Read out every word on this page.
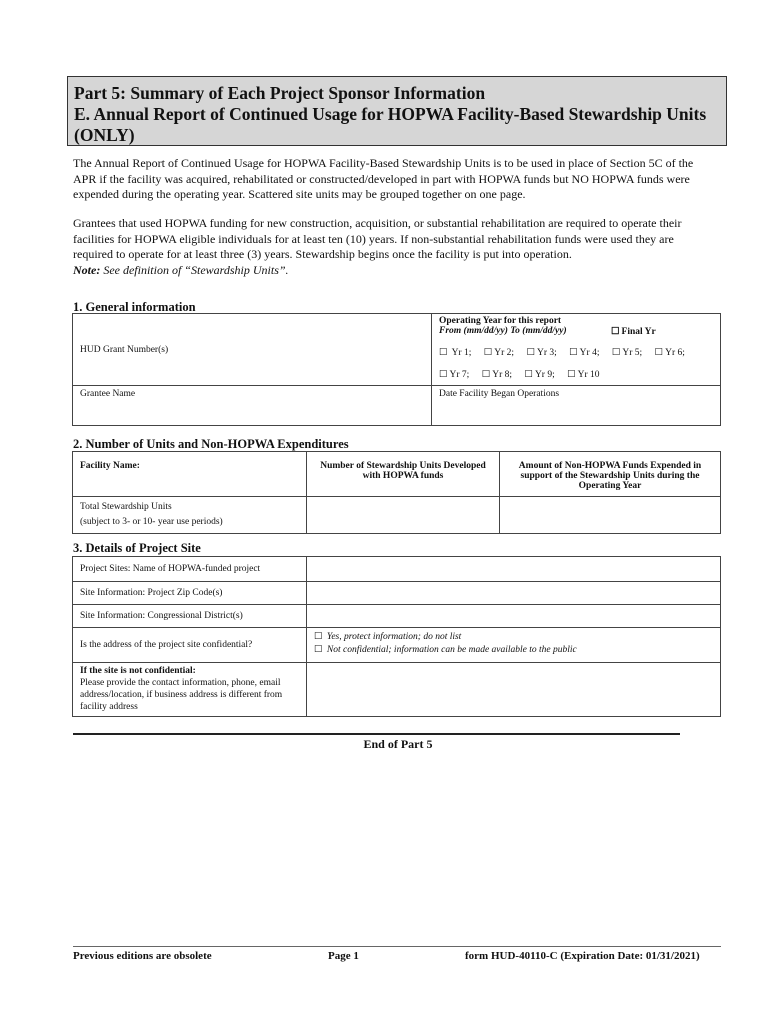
Part 5: Summary of Each Project Sponsor Information
E. Annual Report of Continued Usage for HOPWA Facility-Based Stewardship Units
(ONLY)
The Annual Report of Continued Usage for HOPWA Facility-Based Stewardship Units is to be used in place of Section 5C of the APR if the facility was acquired, rehabilitated or constructed/developed in part with HOPWA funds but NO HOPWA funds were expended during the operating year. Scattered site units may be grouped together on one page.
Grantees that used HOPWA funding for new construction, acquisition, or substantial rehabilitation are required to operate their facilities for HOPWA eligible individuals for at least ten (10) years. If non-substantial rehabilitation funds were used they are required to operate for at least three (3) years. Stewardship begins once the facility is put into operation.
Note: See definition of “Stewardship Units”.
1. General information
HUD Grant Number(s)	Operating Year for this report
From (mm/dd/yy) To (mm/dd/yy) ☐ Final Yr
☐ Yr 1; ☐ Yr 2; ☐ Yr 3; ☐ Yr 4; ☐ Yr 5; ☐ Yr 6;
☐ Yr 7; ☐ Yr 8; ☐ Yr 9; ☐ Yr 10

Grantee Name	Date Facility Began Operations
2. Number of Units and Non-HOPWA Expenditures
Facility Name:	Number of Stewardship Units Developed with HOPWA funds	Amount of Non-HOPWA Funds Expended in support of the Stewardship Units during the Operating Year

Total Stewardship Units
(subject to 3- or 10- year use periods)		

3. Details of Project Site
Project Sites: Name of HOPWA-funded project	
Site Information: Project Zip Code(s)	
Site Information: Congressional District(s)	
Is the address of the project site confidential?	☐ Yes, protect information; do not list
☐ Not confidential; information can be made available to the public

If the site is not confidential:
Please provide the contact information, phone, email address/location, if business address is different from facility address	

End of Part 5
Previous editions are obsolete	Page 1	form HUD-40110-C (Expiration Date: 01/31/2021)
